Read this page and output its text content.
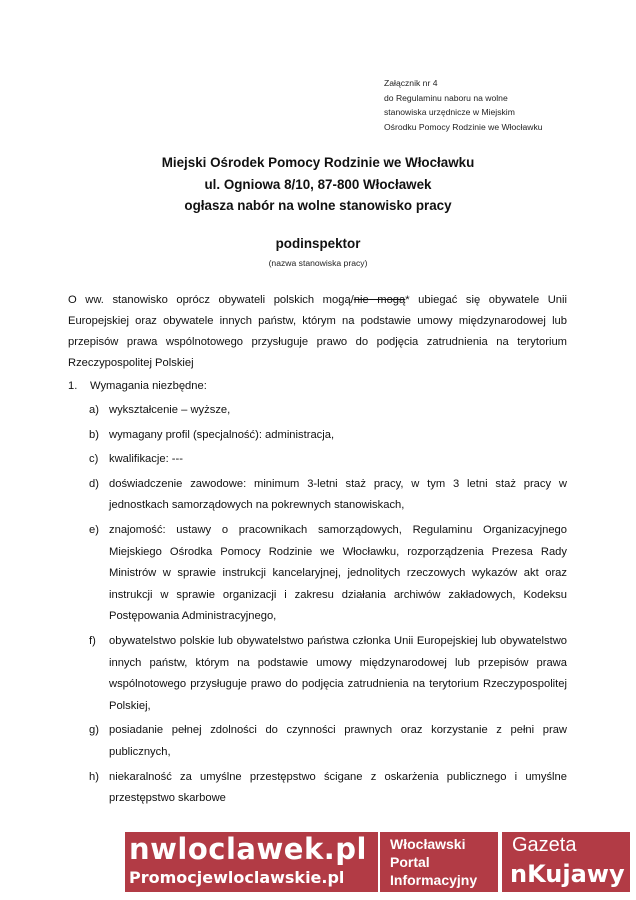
Załącznik nr 4
do Regulaminu naboru na wolne
stanowiska urzędnicze w Miejskim
Ośrodku Pomocy Rodzinie we Włocławku
Miejski Ośrodek Pomocy Rodzinie we Włocławku
ul. Ogniowa 8/10, 87-800 Włocławek
ogłasza nabór na wolne stanowisko pracy
podinspektor
(nazwa stanowiska pracy)
O ww. stanowisko oprócz obywateli polskich mogą/nie mogą* ubiegać się obywatele Unii Europejskiej oraz obywatele innych państw, którym na podstawie umowy międzynarodowej lub przepisów prawa wspólnotowego przysługuje prawo do podjęcia zatrudnienia na terytorium Rzeczypospolitej Polskiej
1. Wymagania niezbędne:
a) wykształcenie – wyższe,
b) wymagany profil (specjalność): administracja,
c) kwalifikacje: ---
d) doświadczenie zawodowe: minimum 3-letni staż pracy, w tym 3 letni staż pracy w jednostkach samorządowych na pokrewnych stanowiskach,
e) znajomość: ustawy o pracownikach samorządowych, Regulaminu Organizacyjnego Miejskiego Ośrodka Pomocy Rodzinie we Włocławku, rozporządzenia Prezesa Rady Ministrów w sprawie instrukcji kancelaryjnej, jednolitych rzeczowych wykazów akt oraz instrukcji w sprawie organizacji i zakresu działania archiwów zakładowych, Kodeksu Postępowania Administracyjnego,
f) obywatelstwo polskie lub obywatelstwo państwa członka Unii Europejskiej lub obywatelstwo innych państw, którym na podstawie umowy międzynarodowej lub przepisów prawa wspólnotowego przysługuje prawo do podjęcia zatrudnienia na terytorium Rzeczypospolitej Polskiej,
g) posiadanie pełnej zdolności do czynności prawnych oraz korzystanie z pełni praw publicznych,
h) niekaralność za umyślne przestępstwo ścigane z oskarżenia publicznego i umyślne przestępstwo skarbowe
nwloclawek.pl
Promocjewloclawskie.pl
Włocławski
Portal
Informacyjny
Gazeta
nKujawy
